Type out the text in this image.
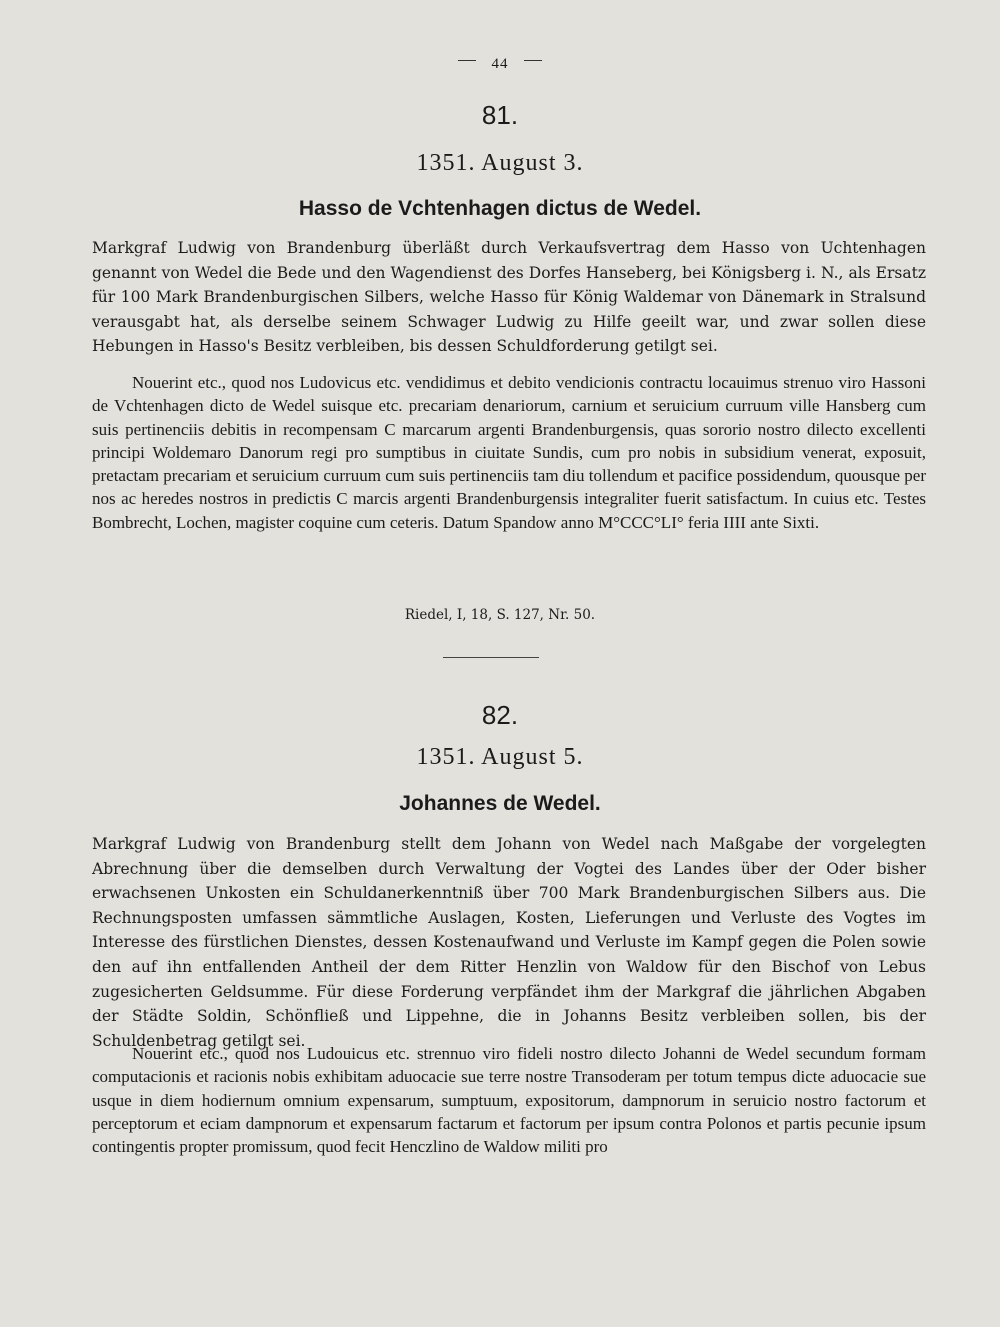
44
81.
1351. August 3.
Hasso de Vchtenhagen dictus de Wedel.
Markgraf Ludwig von Brandenburg überläßt durch Verkaufsvertrag dem Hasso von Uchtenhagen genannt von Wedel die Bede und den Wagendienst des Dorfes Hanseberg, bei Königsberg i. N., als Ersatz für 100 Mark Brandenburgischen Silbers, welche Hasso für König Waldemar von Dänemark in Stralsund verausgabt hat, als derselbe seinem Schwager Ludwig zu Hilfe geeilt war, und zwar sollen diese Hebungen in Hasso's Besitz verbleiben, bis dessen Schuldforderung getilgt sei.
Nouerint etc., quod nos Ludovicus etc. vendidimus et debito vendicionis contractu locauimus strenuo viro Hassoni de Vchtenhagen dicto de Wedel suisque etc. precariam denariorum, carnium et seruicium curruum ville Hansberg cum suis pertinenciis debitis in recompensam C marcarum argenti Brandenburgensis, quas sororio nostro dilecto excellenti principi Woldemaro Danorum regi pro sumptibus in ciuitate Sundis, cum pro nobis in subsidium venerat, exposuit, pretactam precariam et seruicium curruum cum suis pertinenciis tam diu tollendum et pacifice possidendum, quousque per nos ac heredes nostros in predictis C marcis argenti Brandenburgensis integraliter fuerit satisfactum. In cuius etc. Testes Bombrecht, Lochen, magister coquine cum ceteris. Datum Spandow anno M°CCC°LI° feria IIII ante Sixti.
Riedel, I, 18, S. 127, Nr. 50.
82.
1351. August 5.
Johannes de Wedel.
Markgraf Ludwig von Brandenburg stellt dem Johann von Wedel nach Maßgabe der vorgelegten Abrechnung über die demselben durch Verwaltung der Vogtei des Landes über der Oder bisher erwachsenen Unkosten ein Schuldanerkenntniß über 700 Mark Brandenburgischen Silbers aus. Die Rechnungsposten umfassen sämmtliche Auslagen, Kosten, Lieferungen und Verluste des Vogtes im Interesse des fürstlichen Dienstes, dessen Kostenaufwand und Verluste im Kampf gegen die Polen sowie den auf ihn entfallenden Antheil der dem Ritter Henzlin von Waldow für den Bischof von Lebus zugesicherten Geldsumme. Für diese Forderung verpfändet ihm der Markgraf die jährlichen Abgaben der Städte Soldin, Schönfließ und Lippehne, die in Johanns Besitz verbleiben sollen, bis der Schuldenbetrag getilgt sei.
Nouerint etc., quod nos Ludouicus etc. strennuo viro fideli nostro dilecto Johanni de Wedel secundum formam computacionis et racionis nobis exhibitam aduocacie sue terre nostre Transoderam per totum tempus dicte aduocacie sue usque in diem hodiernum omnium expensarum, sumptuum, expositorum, dampnorum in seruicio nostro factorum et perceptorum et eciam dampnorum et expensarum factarum et factorum per ipsum contra Polonos et partis pecunie ipsum contingentis propter promissum, quod fecit Henczlino de Waldow militi pro
